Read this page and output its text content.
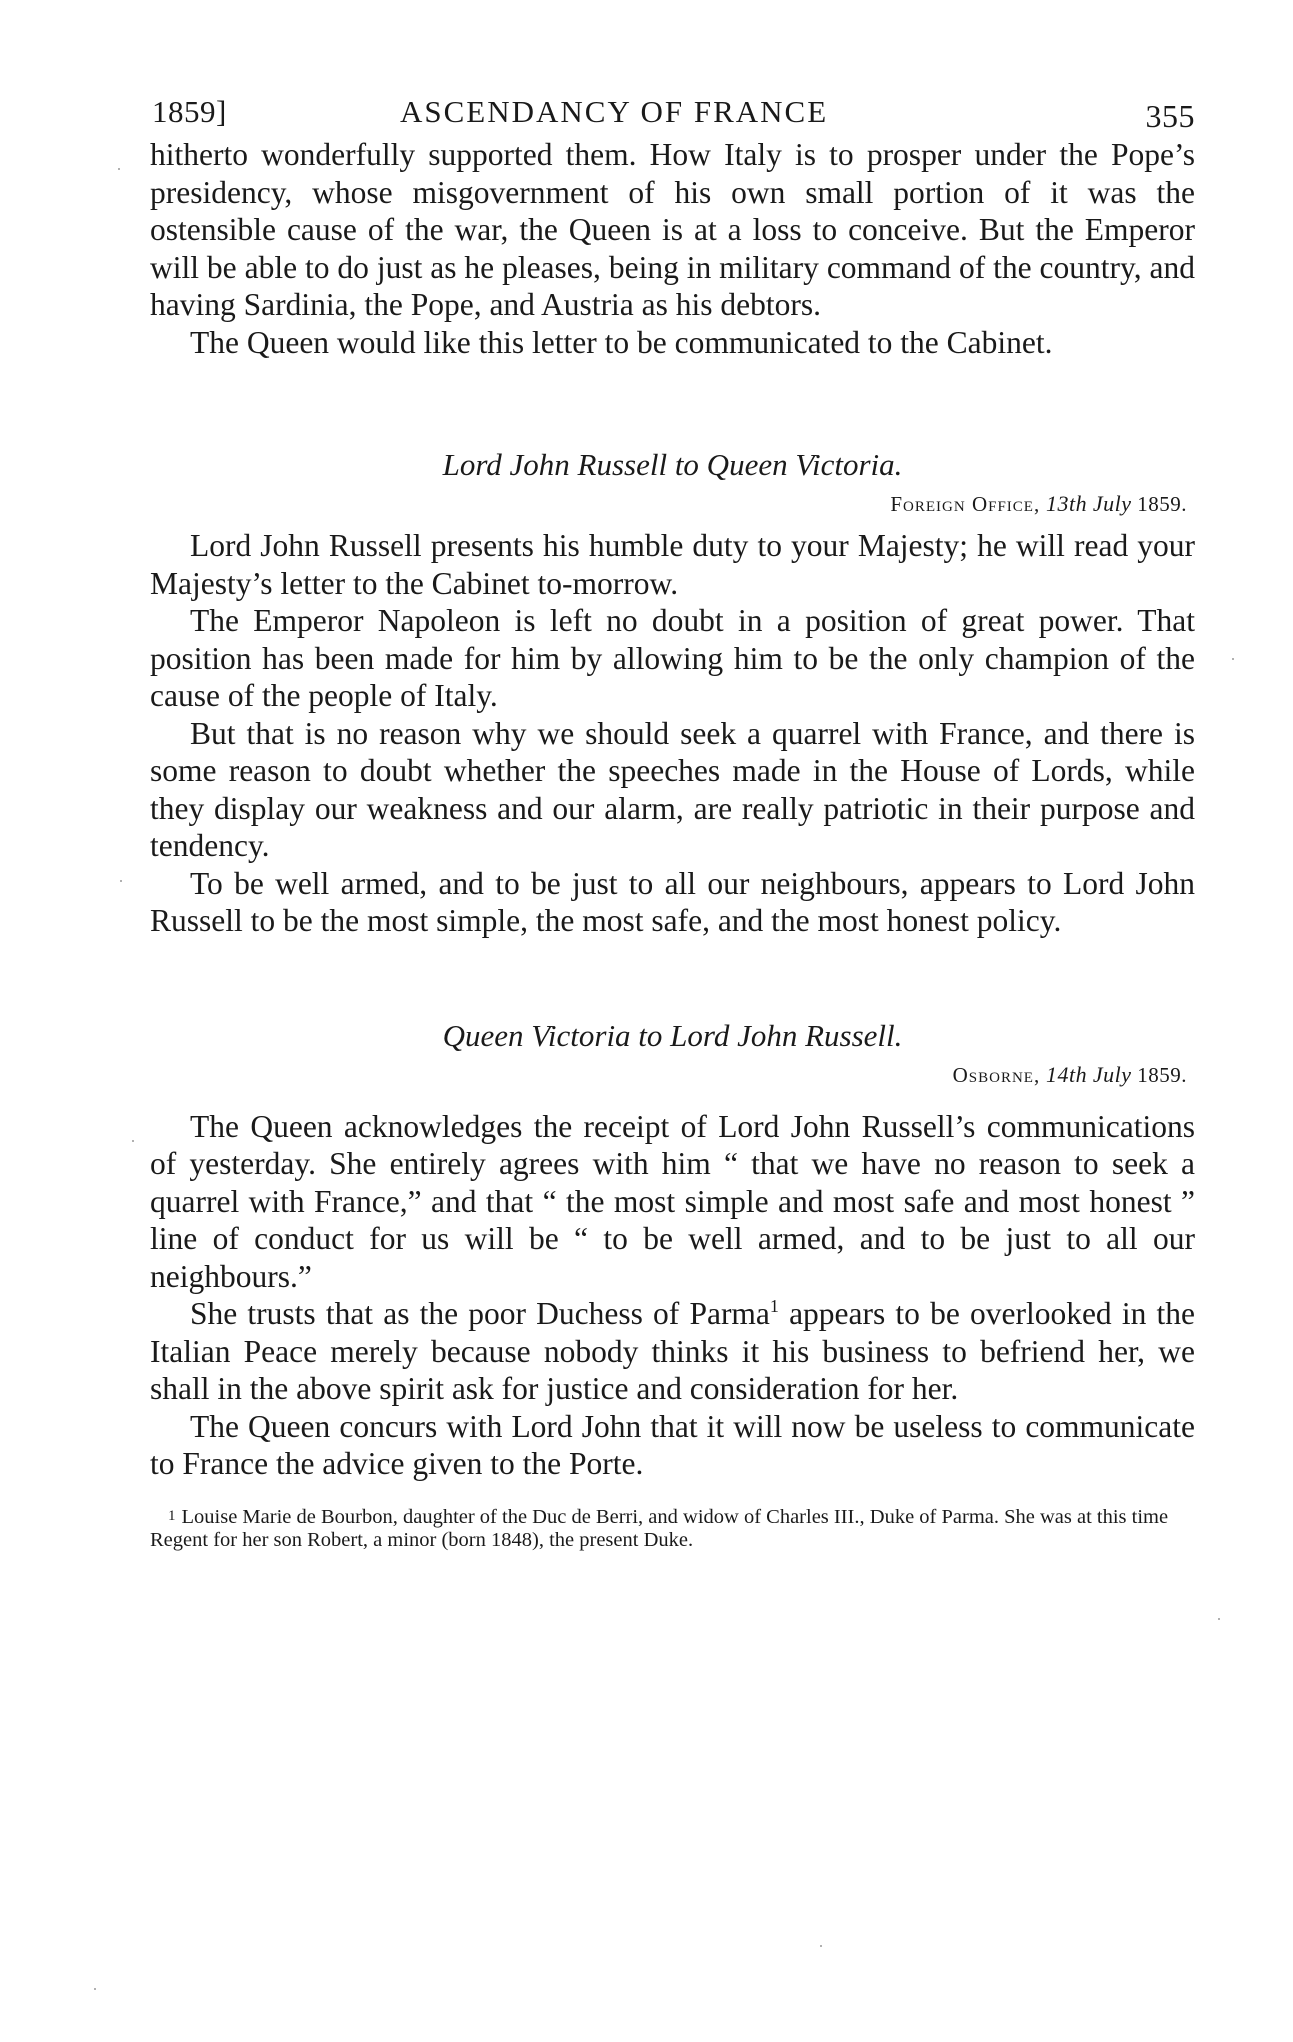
1859]	ASCENDANCY OF FRANCE	355

hitherto wonderfully supported them. How Italy is to prosper under the Pope’s presidency, whose misgovernment of his own small portion of it was the ostensible cause of the war, the Queen is at a loss to conceive. But the Emperor will be able to do just as he pleases, being in military command of the country, and having Sardinia, the Pope, and Austria as his debtors.

The Queen would like this letter to be communicated to the Cabinet.

Lord John Russell to Queen Victoria.

Foreign Office, 13th July 1859.

Lord John Russell presents his humble duty to your Majesty; he will read your Majesty’s letter to the Cabinet to-morrow.

The Emperor Napoleon is left no doubt in a position of great power. That position has been made for him by allowing him to be the only champion of the cause of the people of Italy.

But that is no reason why we should seek a quarrel with France, and there is some reason to doubt whether the speeches made in the House of Lords, while they display our weakness and our alarm, are really patriotic in their purpose and tendency.

To be well armed, and to be just to all our neighbours, appears to Lord John Russell to be the most simple, the most safe, and the most honest policy.

Queen Victoria to Lord John Russell.

Osborne, 14th July 1859.

The Queen acknowledges the receipt of Lord John Russell’s communications of yesterday. She entirely agrees with him “ that we have no reason to seek a quarrel with France,” and that “ the most simple and most safe and most honest ” line of conduct for us will be “ to be well armed, and to be just to all our neighbours.”

She trusts that as the poor Duchess of Parma$^1$ appears to be overlooked in the Italian Peace merely because nobody thinks it his business to befriend her, we shall in the above spirit ask for justice and consideration for her.

The Queen concurs with Lord John that it will now be useless to communicate to France the advice given to the Porte.

1 Louise Marie de Bourbon, daughter of the Duc de Berri, and widow of Charles III., Duke of Parma. She was at this time Regent for her son Robert, a minor (born 1848), the present Duke.
